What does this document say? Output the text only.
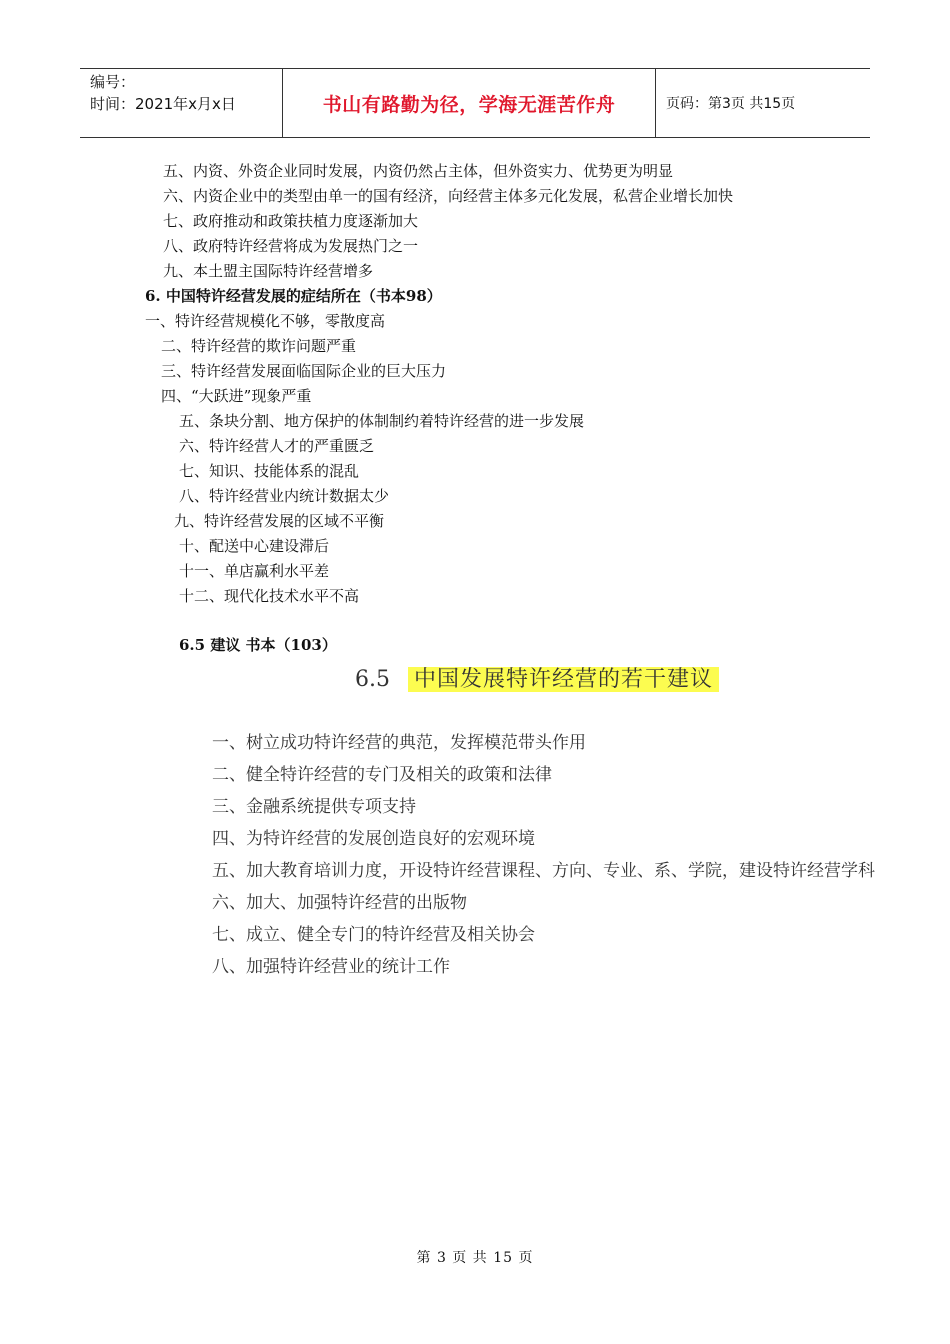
编号：
时间：2021年x月x日	书山有路勤为径，学海无涯苦作舟	页码：第3页 共15页
五、内资、外资企业同时发展，内资仍然占主体，但外资实力、优势更为明显
六、内资企业中的类型由单一的国有经济，向经营主体多元化发展，私营企业增长加快
七、政府推动和政策扶植力度逐渐加大
八、政府特许经营将成为发展热门之一
九、本土盟主国际特许经营增多
6. 中国特许经营发展的症结所在（书本98）
一、特许经营规模化不够，零散度高
二、特许经营的欺诈问题严重
三、特许经营发展面临国际企业的巨大压力
四、“大跃进”现象严重
五、条块分割、地方保护的体制制约着特许经营的进一步发展
六、特许经营人才的严重匮乏
七、知识、技能体系的混乱
八、特许经营业内统计数据太少
九、特许经营发展的区域不平衡
十、配送中心建设滞后
十一、单店赢利水平差
十二、现代化技术水平不高
6.5 建议 书本（103）
6.5 中国发展特许经营的若干建议
一、树立成功特许经营的典范，发挥模范带头作用
二、健全特许经营的专门及相关的政策和法律
三、金融系统提供专项支持
四、为特许经营的发展创造良好的宏观环境
五、加大教育培训力度，开设特许经营课程、方向、专业、系、学院，建设特许经营学科
六、加大、加强特许经营的出版物
七、成立、健全专门的特许经营及相关协会
八、加强特许经营业的统计工作
第 3 页 共 15 页
